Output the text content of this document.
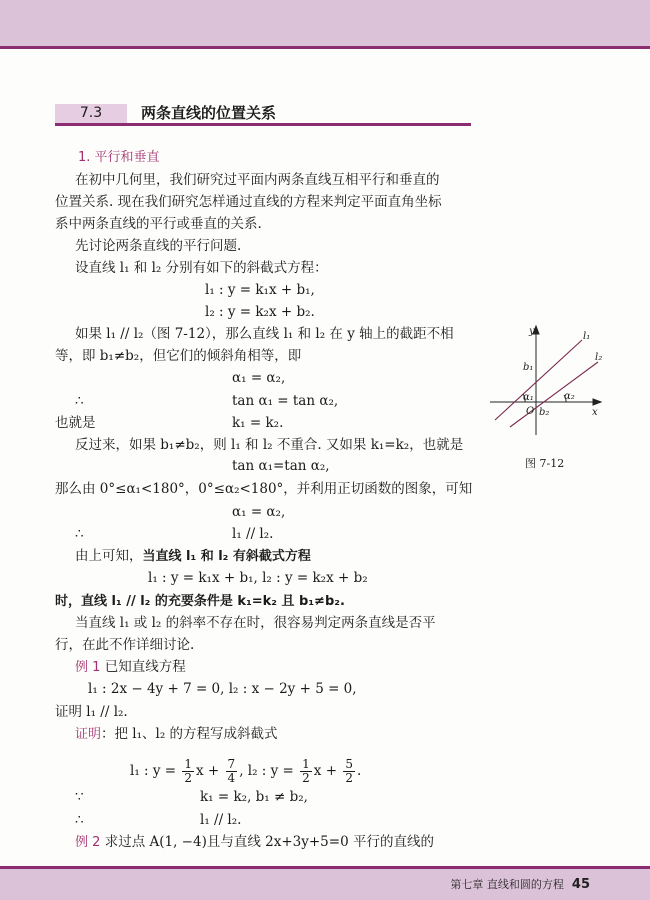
7.3	两条直线的位置关系
1. 平行和垂直
在初中几何里，我们研究过平面内两条直线互相平行和垂直的
位置关系. 现在我们研究怎样通过直线的方程来判定平面直角坐标
系中两条直线的平行或垂直的关系.
先讨论两条直线的平行问题.
设直线 l₁ 和 l₂ 分别有如下的斜截式方程：
l₁ : y = k₁x + b₁,
l₂ : y = k₂x + b₂.
如果 l₁ // l₂（图 7-12），那么直线 l₁ 和 l₂ 在 y 轴上的截距不相
等，即 b₁≠b₂，但它们的倾斜角相等，即
α₁ = α₂,
∴	tan α₁ = tan α₂,
也就是	k₁ = k₂.
反过来，如果 b₁≠b₂，则 l₁ 和 l₂ 不重合. 又如果 k₁=k₂，也就是
tan α₁=tan α₂,
那么由 0°≤α₁<180°，0°≤α₂<180°，并利用正切函数的图象，可知
α₁ = α₂,
∴	l₁ // l₂.
由上可知，当直线 l₁ 和 l₂ 有斜截式方程
l₁ : y = k₁x + b₁, l₂ : y = k₂x + b₂
时，直线 l₁ // l₂ 的充要条件是 k₁=k₂ 且 b₁≠b₂.
当直线 l₁ 或 l₂ 的斜率不存在时，很容易判定两条直线是否平
行，在此不作详细讨论.
例 1 已知直线方程
l₁ : 2x − 4y + 7 = 0, l₂ : x − 2y + 5 = 0,
证明 l₁ // l₂.
证明：把 l₁、l₂ 的方程写成斜截式
l₁ : $y = \frac{1}{2}$ $x + \frac{7}{4}$ , l₂ : $y = \frac{1}{2}$ $x + \frac{5}{2}$ .
∵	k₁ = k₂, b₁ ≠ b₂,
∴	l₁ // l₂.
例 2 求过点 A(1, −4)且与直线 2x+3y+5=0 平行的直线的
y
x
O
l₁
l₂
b₁
b₂
α₁	α₂
图 7-12
第七章 直线和圆的方程 45
